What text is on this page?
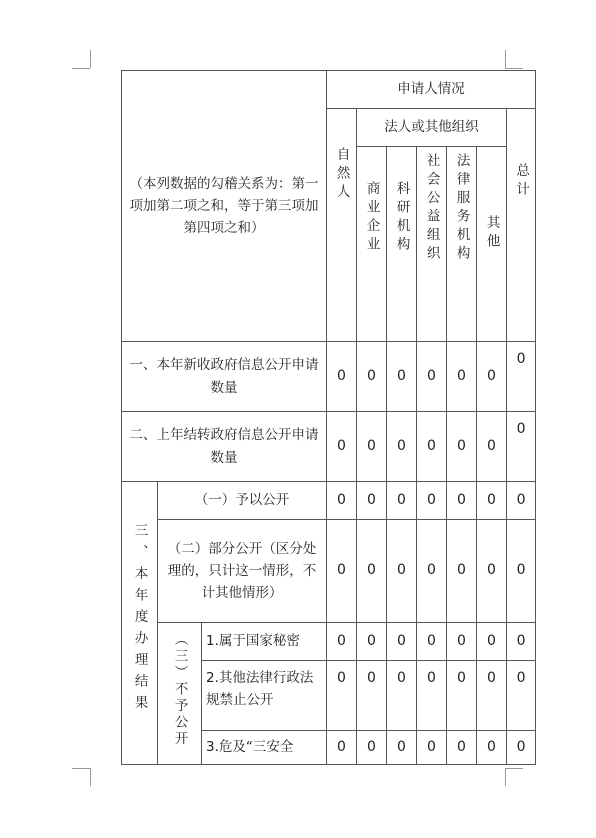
（本列数据的勾稽关系为：第一项加第二项之和，等于第三项加第四项之和）			申请人情况						
			自然人	法人或其他组织					总计
				商业企业	科研机构	社会公益组织	法律服务机构	其他	
一、本年新收政府信息公开申请数量			0	0	0	0	0	0	0
二、上年结转政府信息公开申请数量			0	0	0	0	0	0	0
三、本年度办理结果	（一）予以公开		0	0	0	0	0	0	0
	（二）部分公开（区分处理的，只计这一情形，不计其他情形）		0	0	0	0	0	0	0
	（三）不予公开	1.属于国家秘密	0	0	0	0	0	0	0
		2.其他法律行政法规禁止公开	0	0	0	0	0	0	0
		3.危及“三安全	0	0	0	0	0	0	0
